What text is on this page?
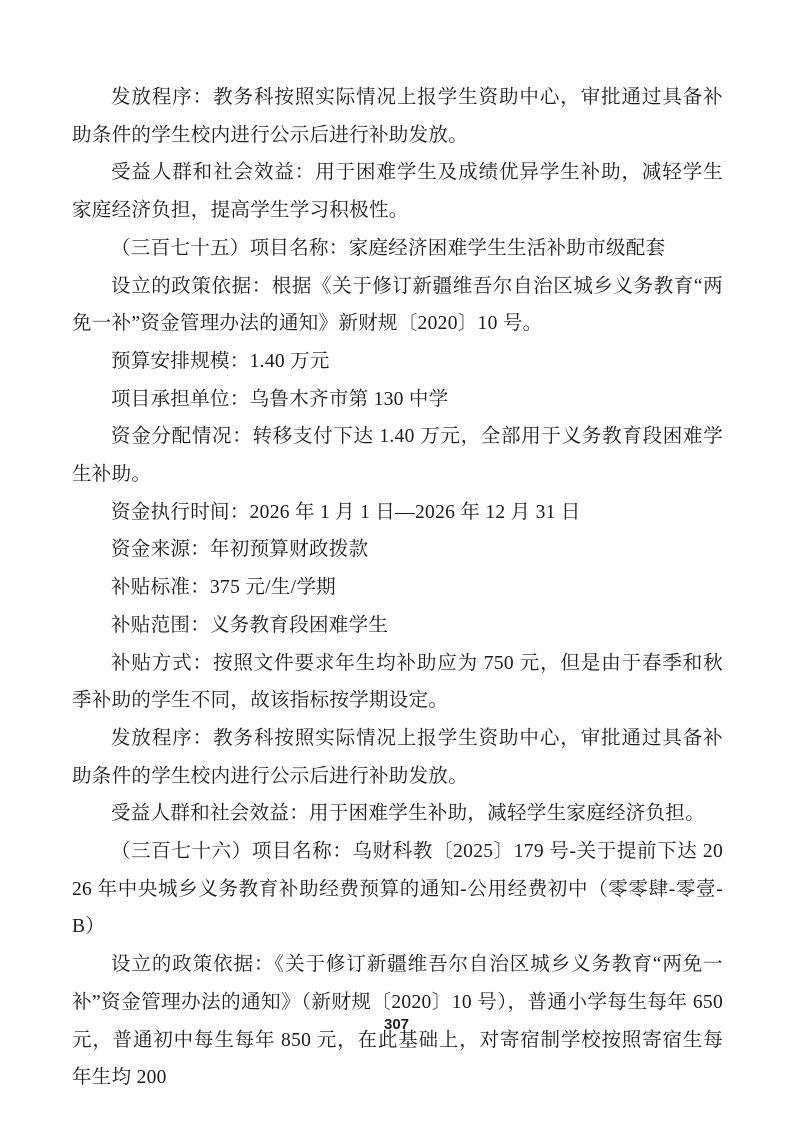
发放程序：教务科按照实际情况上报学生资助中心，审批通过具备补助条件的学生校内进行公示后进行补助发放。

受益人群和社会效益：用于困难学生及成绩优异学生补助，减轻学生家庭经济负担，提高学生学习积极性。

（三百七十五）项目名称：家庭经济困难学生生活补助市级配套

设立的政策依据：根据《关于修订新疆维吾尔自治区城乡义务教育“两免一补”资金管理办法的通知》新财规〔2020〕10 号。

预算安排规模：1.40 万元

项目承担单位：乌鲁木齐市第 130 中学

资金分配情况：转移支付下达 1.40 万元，全部用于义务教育段困难学生补助。

资金执行时间：2026 年 1 月 1 日—2026 年 12 月 31 日

资金来源：年初预算财政拨款

补贴标准：375 元/生/学期

补贴范围：义务教育段困难学生

补贴方式：按照文件要求年生均补助应为 750 元，但是由于春季和秋季补助的学生不同，故该指标按学期设定。

发放程序：教务科按照实际情况上报学生资助中心，审批通过具备补助条件的学生校内进行公示后进行补助发放。

受益人群和社会效益：用于困难学生补助，减轻学生家庭经济负担。

（三百七十六）项目名称：乌财科教〔2025〕179 号-关于提前下达 2026 年中央城乡义务教育补助经费预算的通知-公用经费初中（零零肆-零壹-B）

设立的政策依据：《关于修订新疆维吾尔自治区城乡义务教育“两免一补”资金管理办法的通知》（新财规〔2020〕10 号），普通小学每生每年 650 元，普通初中每生每年 850 元，在此基础上，对寄宿制学校按照寄宿生每年生均 200

307
